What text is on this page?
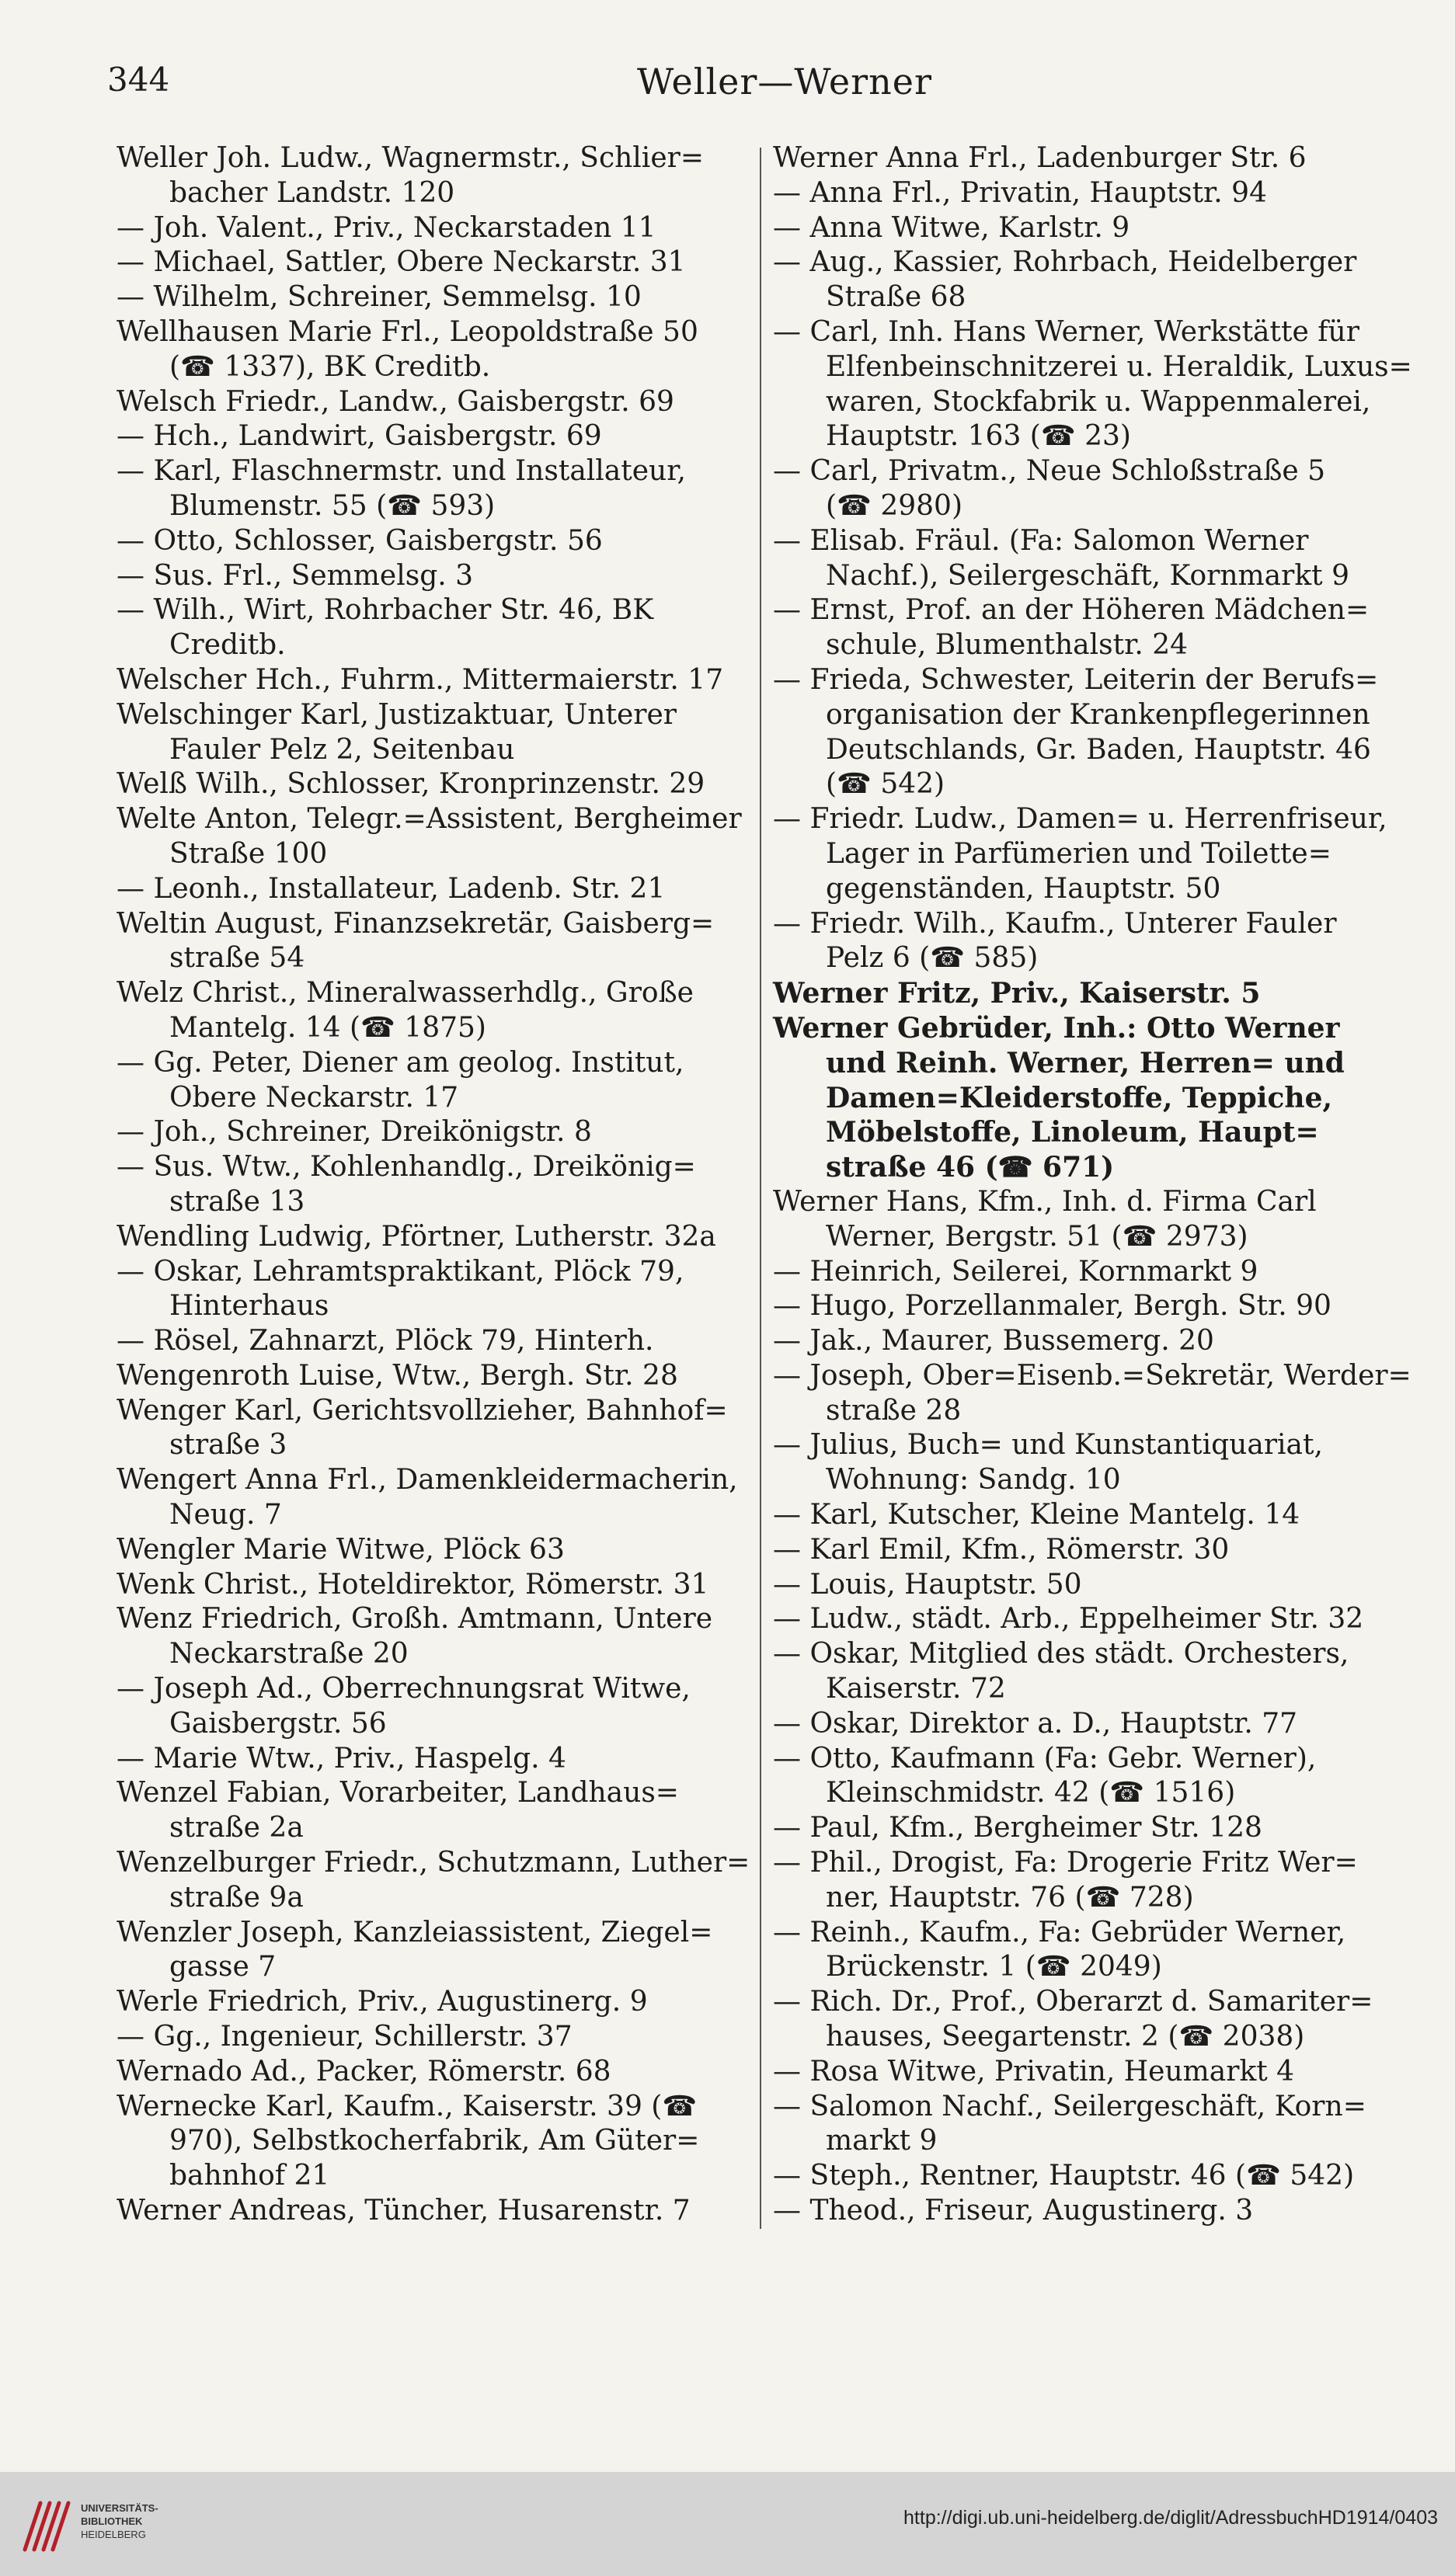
344	Weller—Werner
Weller Joh. Ludw., Wagnermstr., Schlier=
bacher Landstr. 120
— Joh. Valent., Priv., Neckarstaden 11
— Michael, Sattler, Obere Neckarstr. 31
— Wilhelm, Schreiner, Semmelsg. 10
Wellhausen Marie Frl., Leopoldstraße 50
(☎ 1337), BK Creditb.
Welsch Friedr., Landw., Gaisbergstr. 69
— Hch., Landwirt, Gaisbergstr. 69
— Karl, Flaschnermstr. und Installateur,
Blumenstr. 55 (☎ 593)
— Otto, Schlosser, Gaisbergstr. 56
— Sus. Frl., Semmelsg. 3
— Wilh., Wirt, Rohrbacher Str. 46, BK
Creditb.
Welscher Hch., Fuhrm., Mittermaierstr. 17
Welschinger Karl, Justizaktuar, Unterer
Fauler Pelz 2, Seitenbau
Welß Wilh., Schlosser, Kronprinzenstr. 29
Welte Anton, Telegr.=Assistent, Bergheimer
Straße 100
— Leonh., Installateur, Ladenb. Str. 21
Weltin August, Finanzsekretär, Gaisberg=
straße 54
Welz Christ., Mineralwasserhdlg., Große
Mantelg. 14 (☎ 1875)
— Gg. Peter, Diener am geolog. Institut,
Obere Neckarstr. 17
— Joh., Schreiner, Dreikönigstr. 8
— Sus. Wtw., Kohlenhandlg., Dreikönig=
straße 13
Wendling Ludwig, Pförtner, Lutherstr. 32a
— Oskar, Lehramtspraktikant, Plöck 79,
Hinterhaus
— Rösel, Zahnarzt, Plöck 79, Hinterh.
Wengenroth Luise, Wtw., Bergh. Str. 28
Wenger Karl, Gerichtsvollzieher, Bahnhof=
straße 3
Wengert Anna Frl., Damenkleidermacherin,
Neug. 7
Wengler Marie Witwe, Plöck 63
Wenk Christ., Hoteldirektor, Römerstr. 31
Wenz Friedrich, Großh. Amtmann, Untere
Neckarstraße 20
— Joseph Ad., Oberrechnungsrat Witwe,
Gaisbergstr. 56
— Marie Wtw., Priv., Haspelg. 4
Wenzel Fabian, Vorarbeiter, Landhaus=
straße 2a
Wenzelburger Friedr., Schutzmann, Luther=
straße 9a
Wenzler Joseph, Kanzleiassistent, Ziegel=
gasse 7
Werle Friedrich, Priv., Augustinerg. 9
— Gg., Ingenieur, Schillerstr. 37
Wernado Ad., Packer, Römerstr. 68
Wernecke Karl, Kaufm., Kaiserstr. 39 (☎
970), Selbstkocherfabrik, Am Güter=
bahnhof 21
Werner Andreas, Tüncher, Husarenstr. 7
Werner Anna Frl., Ladenburger Str. 6
— Anna Frl., Privatin, Hauptstr. 94
— Anna Witwe, Karlstr. 9
— Aug., Kassier, Rohrbach, Heidelberger
Straße 68
— Carl, Inh. Hans Werner, Werkstätte für
Elfenbeinschnitzerei u. Heraldik, Luxus=
waren, Stockfabrik u. Wappenmalerei,
Hauptstr. 163 (☎ 23)
— Carl, Privatm., Neue Schloßstraße 5
(☎ 2980)
— Elisab. Fräul. (Fa: Salomon Werner
Nachf.), Seilergeschäft, Kornmarkt 9
— Ernst, Prof. an der Höheren Mädchen=
schule, Blumenthalstr. 24
— Frieda, Schwester, Leiterin der Berufs=
organisation der Krankenpflegerinnen
Deutschlands, Gr. Baden, Hauptstr. 46
(☎ 542)
— Friedr. Ludw., Damen= u. Herrenfriseur,
Lager in Parfümerien und Toilette=
gegenständen, Hauptstr. 50
— Friedr. Wilh., Kaufm., Unterer Fauler
Pelz 6 (☎ 585)
Werner Fritz, Priv., Kaiserstr. 5
Werner Gebrüder, Inh.: Otto Werner
und Reinh. Werner, Herren= und
Damen=Kleiderstoffe, Teppiche,
Möbelstoffe, Linoleum, Haupt=
straße 46 (☎ 671)
Werner Hans, Kfm., Inh. d. Firma Carl
Werner, Bergstr. 51 (☎ 2973)
— Heinrich, Seilerei, Kornmarkt 9
— Hugo, Porzellanmaler, Bergh. Str. 90
— Jak., Maurer, Bussemerg. 20
— Joseph, Ober=Eisenb.=Sekretär, Werder=
straße 28
— Julius, Buch= und Kunstantiquariat,
Wohnung: Sandg. 10
— Karl, Kutscher, Kleine Mantelg. 14
— Karl Emil, Kfm., Römerstr. 30
— Louis, Hauptstr. 50
— Ludw., städt. Arb., Eppelheimer Str. 32
— Oskar, Mitglied des städt. Orchesters,
Kaiserstr. 72
— Oskar, Direktor a. D., Hauptstr. 77
— Otto, Kaufmann (Fa: Gebr. Werner),
Kleinschmidstr. 42 (☎ 1516)
— Paul, Kfm., Bergheimer Str. 128
— Phil., Drogist, Fa: Drogerie Fritz Wer=
ner, Hauptstr. 76 (☎ 728)
— Reinh., Kaufm., Fa: Gebrüder Werner,
Brückenstr. 1 (☎ 2049)
— Rich. Dr., Prof., Oberarzt d. Samariter=
hauses, Seegartenstr. 2 (☎ 2038)
— Rosa Witwe, Privatin, Heumarkt 4
— Salomon Nachf., Seilergeschäft, Korn=
markt 9
— Steph., Rentner, Hauptstr. 46 (☎ 542)
— Theod., Friseur, Augustinerg. 3
UNIVERSITÄTS-
BIBLIOTHEK
HEIDELBERG
http://digi.ub.uni-heidelberg.de/diglit/AdressbuchHD1914/0403
